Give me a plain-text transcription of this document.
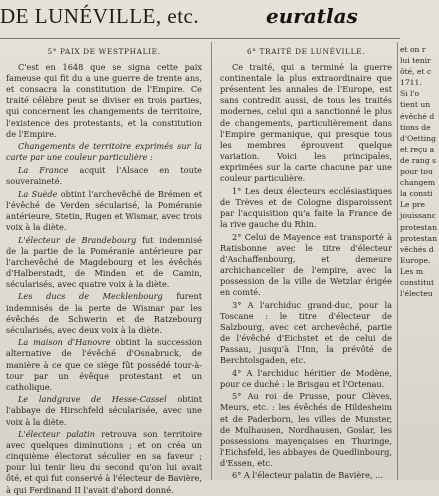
DE LUNÉVILLE, etc.	euratlas
5° PAIX DE WESTPHALIE.

C'est en 1648 que se signa cette paix fameuse qui fit du a une guerre de trente ans, et consacra la constitution de l'Empire. Ce traité célèbre peut se diviser en trois parties, qui concernent les changements de territoire, l'existence des protestants, et la constitution de l'Empire.

Changements de territoire exprimés sur la carte par une couleur particulière :

La France acquit l'Alsace en toute souveraineté.

La Suède obtint l'archevêché de Brémen et l'évêché de Verden sécularisé, la Poméranie antérieure, Stetin, Rugen et Wismar, avec trois voix à la diète.

L'électeur de Brandebourg fut indemnisé de la partie de la Poméranie antérieure par l'archevêché de Magdebourg et les évêchés d'Halberstadt, de Minden et de Camin, sécularisés, avec quatre voix à la diète.

Les ducs de Mecklenbourg furent indemnisés de la perte de Wismar par les évêchés de Schwerin et de Ratzebourg sécularisés, avec deux voix à la diète.

La maison d'Hanovre obtint la succession alternative de l'évêché d'Osnabruck, de manière à ce que ce siège fût possédé tour-à-tour par un évêque protestant et un catholique.

Le landgrave de Hesse-Cassel obtint l'abbaye de Hirschfeld sécularisée, avec une voix à la diète.

L'électeur palatin retrouva son territoire avec quelques diminutions ; et on créa un cinquième électorat séculier en sa faveur ; pour lui tenir lieu du second qu'on lui avait ôté, et qui fut conservé à l'électeur de Bavière, à qui Ferdinand II l'avait d'abord donné.

6° TRAITÉ DE LUNÉVILLE.

Ce traité, qui a terminé la guerre continentale la plus extraordinaire que présentent les annales de l'Europe, est sans contredit aussi, de tous les traités modernes, celui qui a sanctionné le plus de changements, particulièrement dans l'Empire germanique, qui presque tous les membres éprouvent quelque variation. Voici les principales, exprimées sur la carte chacune par une couleur particulière.

1° Les deux électeurs ecclésiastiques de Trèves et de Cologne disparoissent par l'acquisition qu'a faite la France de la rive gauche du Rhin.

2° Celui de Mayence est transporté à Ratisbonne avec le titre d'électeur d'Aschaffenbourg, et demeure archichancelier de l'empire, avec la possession de la ville de Wetzlar érigée en comté.

3° A l'archiduc grand-duc, pour la Toscane : le titre d'électeur de Salzbourg, avec cet archevêché, partie de l'évêché d'Eichstet et de celui de Passau, jusqu'à l'Inn, la prévôté de Berchtolsgaden, etc.

4° A l'archiduc héritier de Modène, pour ce duché : le Brisgau et l'Ortenau.

5° Au roi de Prusse, pour Clèves, Meurs, etc. : les évêchés de Hildesheim et de Paderborn, les villes de Munster, de Mulhausen, Nordhausen, Goslar, les possessions mayençaises en Thuringe, l'Eichsfeld, les abbayes de Quedlinbourg, d'Essen, etc.

6° A l'électeur palatin de Bavière, ...

et on r
lui tenir
ôté, et c
1711.
Si l'o
tient un
évêché d
tions de
d'Oetting
et reçu a
de rang s
pour tou
changem
la consti
Le pre
jouissanc
protestan
protestan
vêchés d
Europe.
Les m
constitut
l'électeu
